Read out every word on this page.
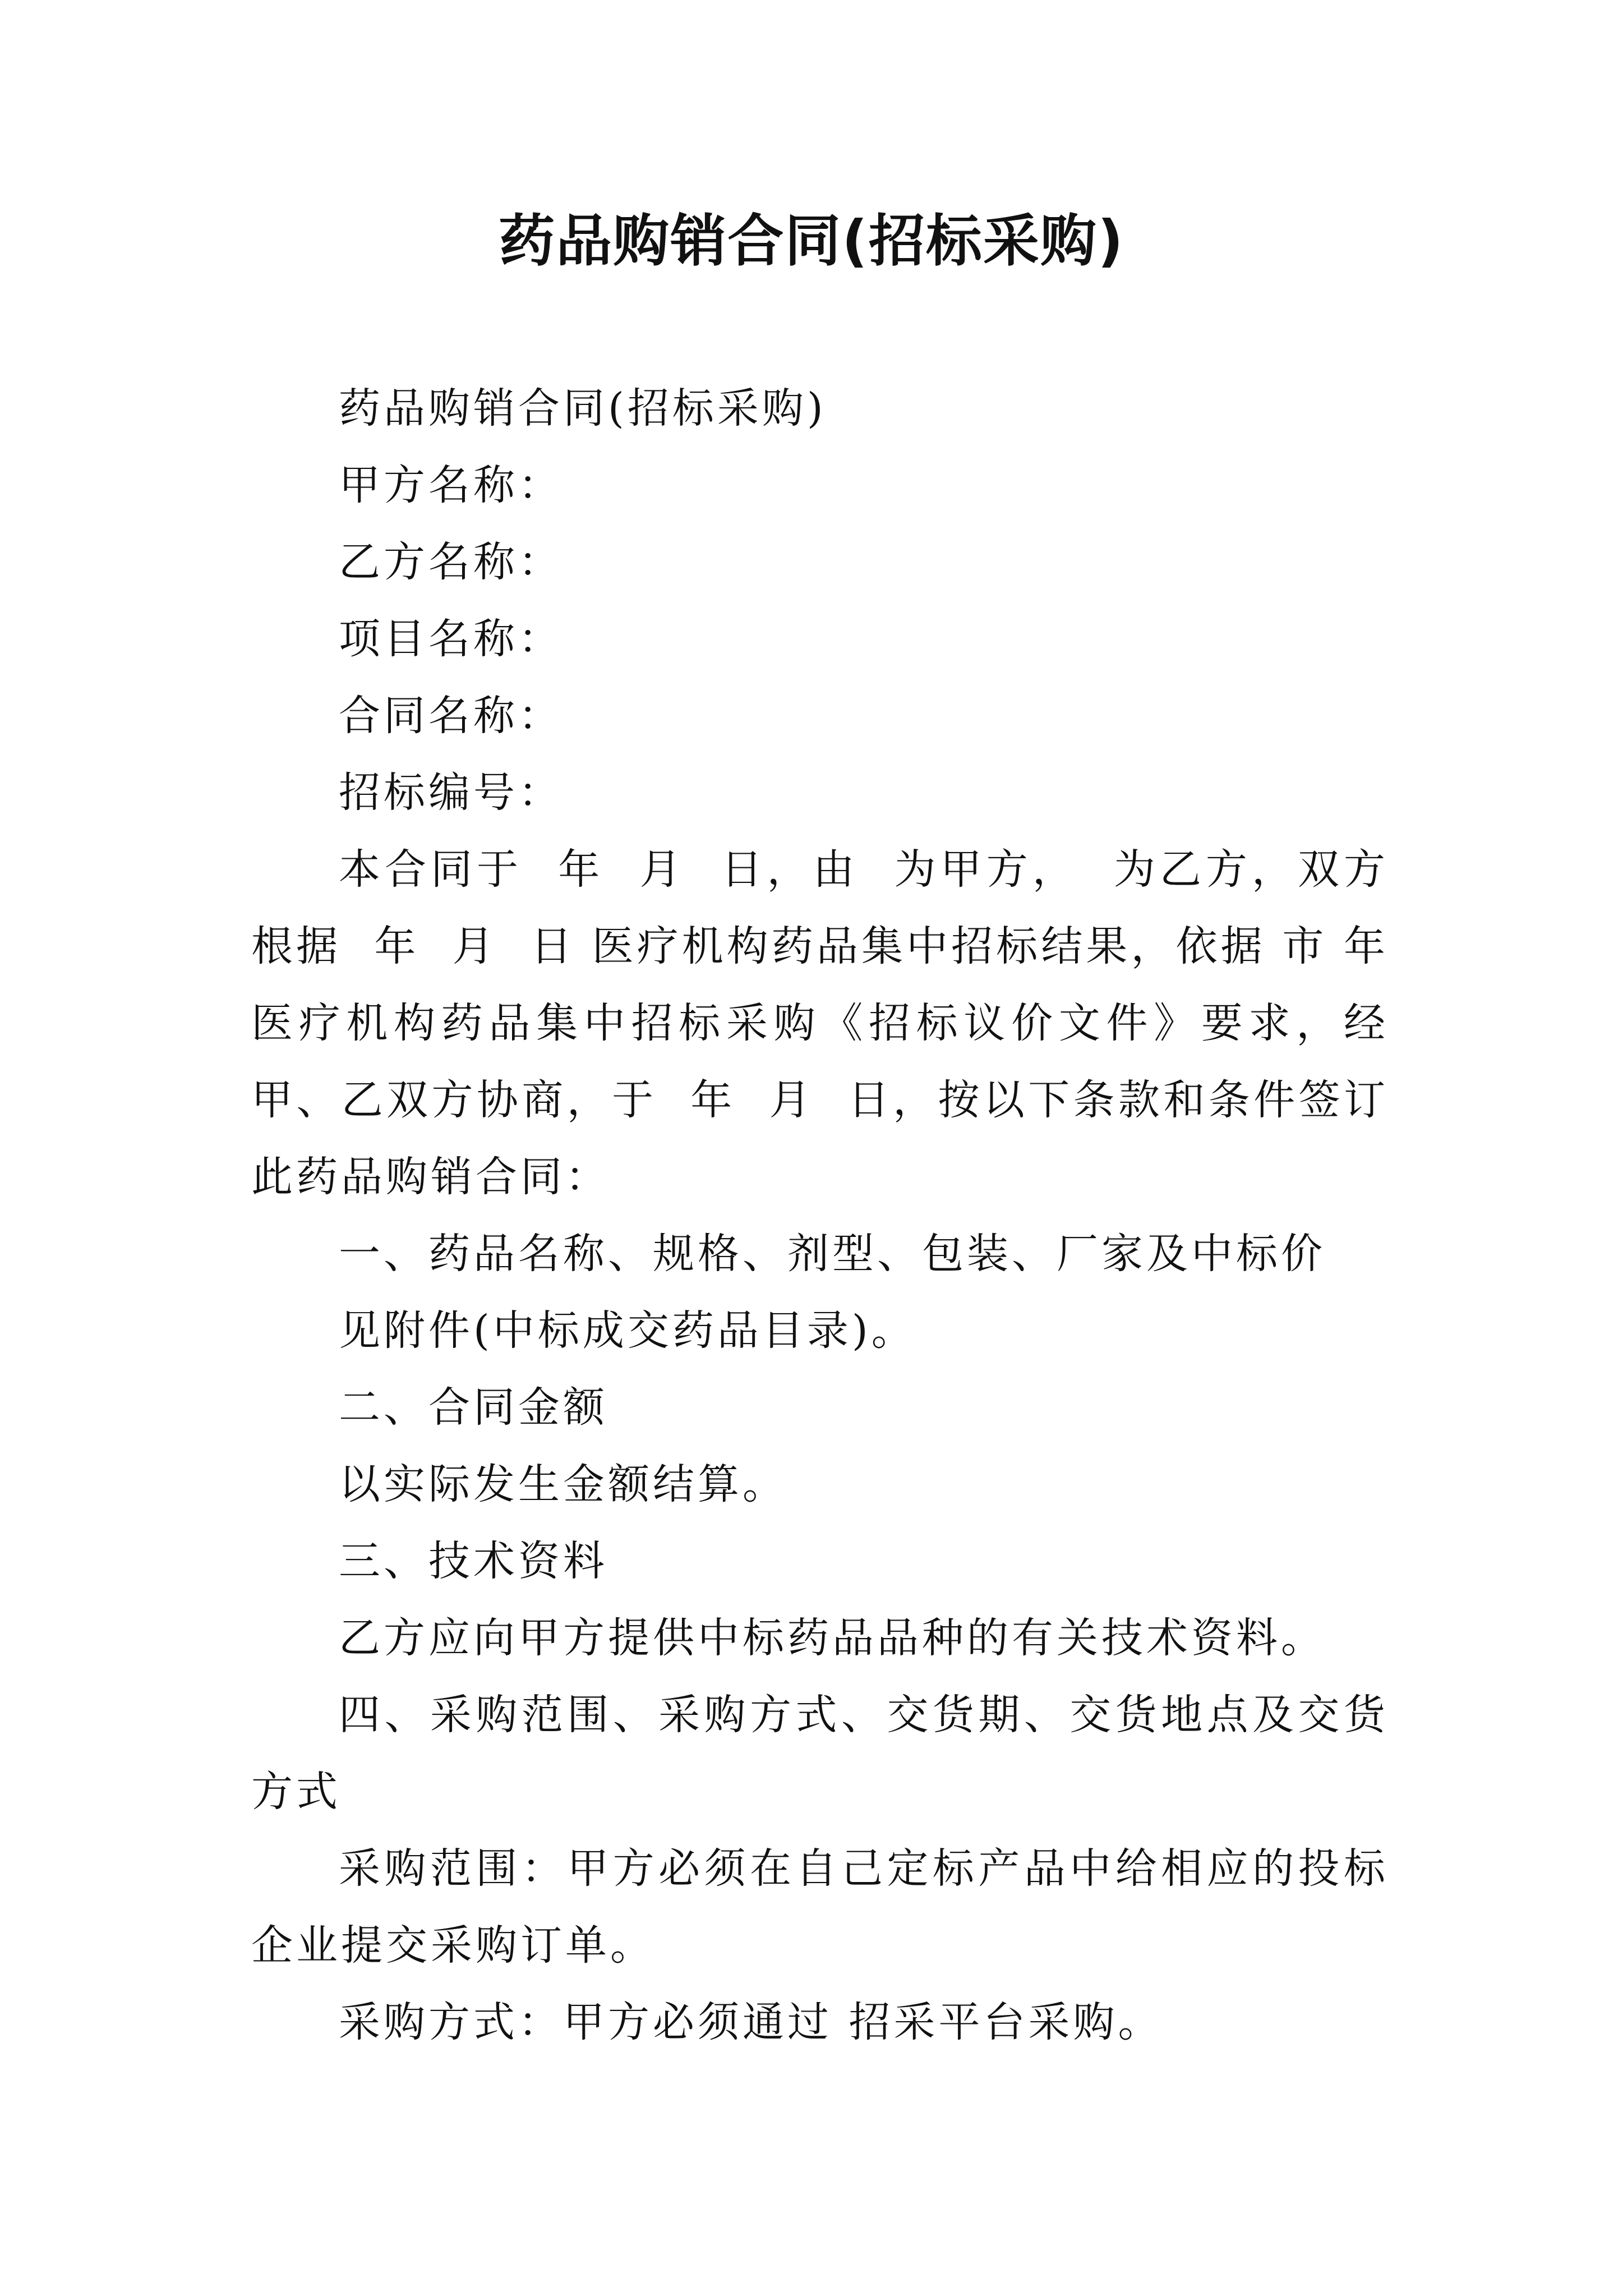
药品购销合同(招标采购)

药品购销合同(招标采购)

甲方名称：

乙方名称：

项目名称：

合同名称：

招标编号：

本合同于  年  月  日，由  为甲方，  为乙方，双方根据  年  月  日 医疗机构药品集中招标结果，依据 市 年医疗机构药品集中招标采购《招标议价文件》要求，经甲、乙双方协商，于  年  月  日，按以下条款和条件签订此药品购销合同：

一、药品名称、规格、剂型、包装、厂家及中标价

见附件(中标成交药品目录)。

二、合同金额

以实际发生金额结算。

三、技术资料

乙方应向甲方提供中标药品品种的有关技术资料。

四、采购范围、采购方式、交货期、交货地点及交货方式

采购范围：甲方必须在自己定标产品中给相应的投标企业提交采购订单。

采购方式：甲方必须通过 招采平台采购。
